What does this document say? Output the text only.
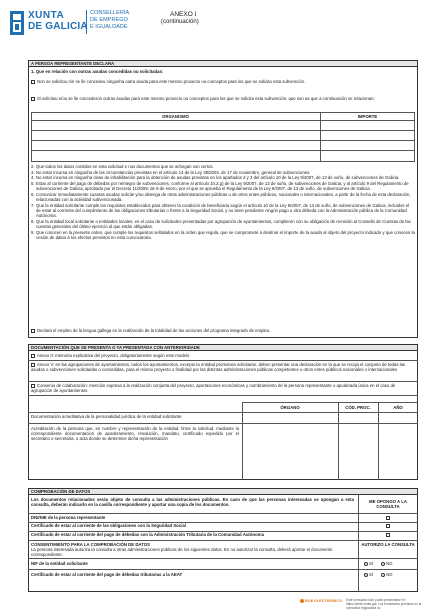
XUNTA
DE GALICIA
CONSELLERÍA
DE EMPREGO
E IGUALDADE
ANEXO I
(continuación)
A PERSOA REPRESENTANTE DECLARA
1. Que en relación con outras axudas concedidas ou solicitadas:
Non se solicitou nin se lle concedeu ningunha outra axuda para este mesmo proxecto ou conceptos para los que se solicita esta subvención.
Si solicitou e/ou se lle concederon outras axudas para este mesmo proxecto ou conceptos para los que se solicita esta subvención, que son as que a continuación se relacionan:
ORGANISMO	IMPORTE
2. Que todos los datos contidos en esta solicitud e nos documentos que se achegan son certos.
3. No estar incursa en ningunha de las circunstancias previstas en el artículo 13 de la Ley 38/2003, de 17 de noviembre, general de subvenciones.
4. No estar incursa en ningunha clase de inhabilitación para la obtención de axudas previstas en los apartados 2 y 3 del artículo 10 de la Ley 9/2007, de 13 de xuño, de subvenciones de Galicia.
5. Estar al corriente del pago de débedas por reintegro de subvenciones, conforme al artículo 10.2.g) de la Ley 9/2007, de 13 de xuño, de subvenciones de Galicia, y al artículo 9 del Regulamento de subvenciones de Galicia, aprobado por el Decreto 11/2009, de 8 de enero, por el que se aprueba el Regulamento de la Ley 9/2007, de 13 de xuño, de subvenciones de Galicia.
6. Comunicar inmediatamente cuantas axudas solicite y/ou obtenga de otras administraciones públicas o de otros entes públicos, nacionales o internacionales, a partir de la fecha de esta declaración, relacionadas con la actividad subvencionada.
7. Que la entidad solicitante cumple los requisitos establecidos para obtener la condición de beneficiaria según el artículo 10 de la Ley 9/2007, de 13 de xuño, de subvenciones de Galicia, incluidos el de estar al corriente del cumplimiento de las obligaciones tributarias o frente a la Seguridad Social, y no tiene pendiente ningún pago u otra débeda con la Administración pública de la Comunidad Autónoma.
8. Que la entidad local solicitante o entidades locales, en el caso de solicitudes presentadas por agrupación de ayuntamientos, cumplieron con su obligación de remisión al Consello de Cuentas de las cuentas generales del último ejercicio al que están obligadas.
9. Que conocen en la presente orden, que cumple los requisitos señalados en la orden que regula, que se comprometé a destinar el importe de la axuda al objeto del proyecto indicado y que conocen la cesión de datos a los efectos previstos en esta convocatoria.
Declara el empleo de la lengua gallega en la realización de la totalidad de las acciones del programa integrado de empleo.
DOCUMENTACIÓN QUE SE PRESENTA O YA PRESENTADA CON ANTERIORIDADE
Anexo II: memoria explicativa del proyecto, obligatoriamente según este modelo
Anexo V: en las agrupaciones de ayuntamientos, todos los ayuntamientos, excepto la entidad promotora solicitante, deben presentar una declaración en la que se recoja el conjunto de todas las axudas o subvenciones solicitadas o concedidas, para el mismo proyecto o finalidad por las distintas administraciones públicas competentes u otros entes públicos nacionales o internacionales
Convenio de colaboración: mención expresa a la realización conjunta del proyecto, aportaciones económicas y nombramiento de la persona representante o apoderada única en el caso de agrupación de ayuntamientos
ÓRGANO	CÓD. PROC.	AÑO
Documentación acreditativa de la personalidad jurídica de la entidad solicitante
Acreditación de la persona que, en nombre y representación de la entidad, firme la solicitud, mediante la correspondiente documentación de apoderamiento, resolución, mandato, certificado expedido por el secretario o secretaria, o acta donde se determine dicha representación
COMPROBACIÓN DE DATOS
Los documentos relacionados serán objeto de consulta a las administraciones públicas. En caso de que las personas interesadas se opongan a esta consulta, deberán indicarlo en la casilla correspondiente y aportar una copia de los documentos.
ME OPONGO A LA CONSULTA
DNI/NIE de la persona representante
Certificado de estar al corriente de las obligaciones con la Seguridad Social
Certificado de estar al corriente del pago de débedas con la Administración Tributaria de la Comunidad Autónoma
CONSENTIMIENTO PARA LA COMPROBACIÓN DE DATOS
La persona interesada autoriza la consulta a otras administraciones públicas de los siguientes datos. En no autorizar la consulta, deberá aportar el documento correspondiente.
AUTORIZO LA CONSULTA
NIF de la entidad solicitante	SÍ	NO
Certificado de estar al corriente del pago de débedas tributarias a la AEAT	SÍ	NO
BOE ELECTRÓNICO Este formulario sólo podrá presentarse en https://sede.xunta.gal. Los formularios previstos en la normativa reguladora no
